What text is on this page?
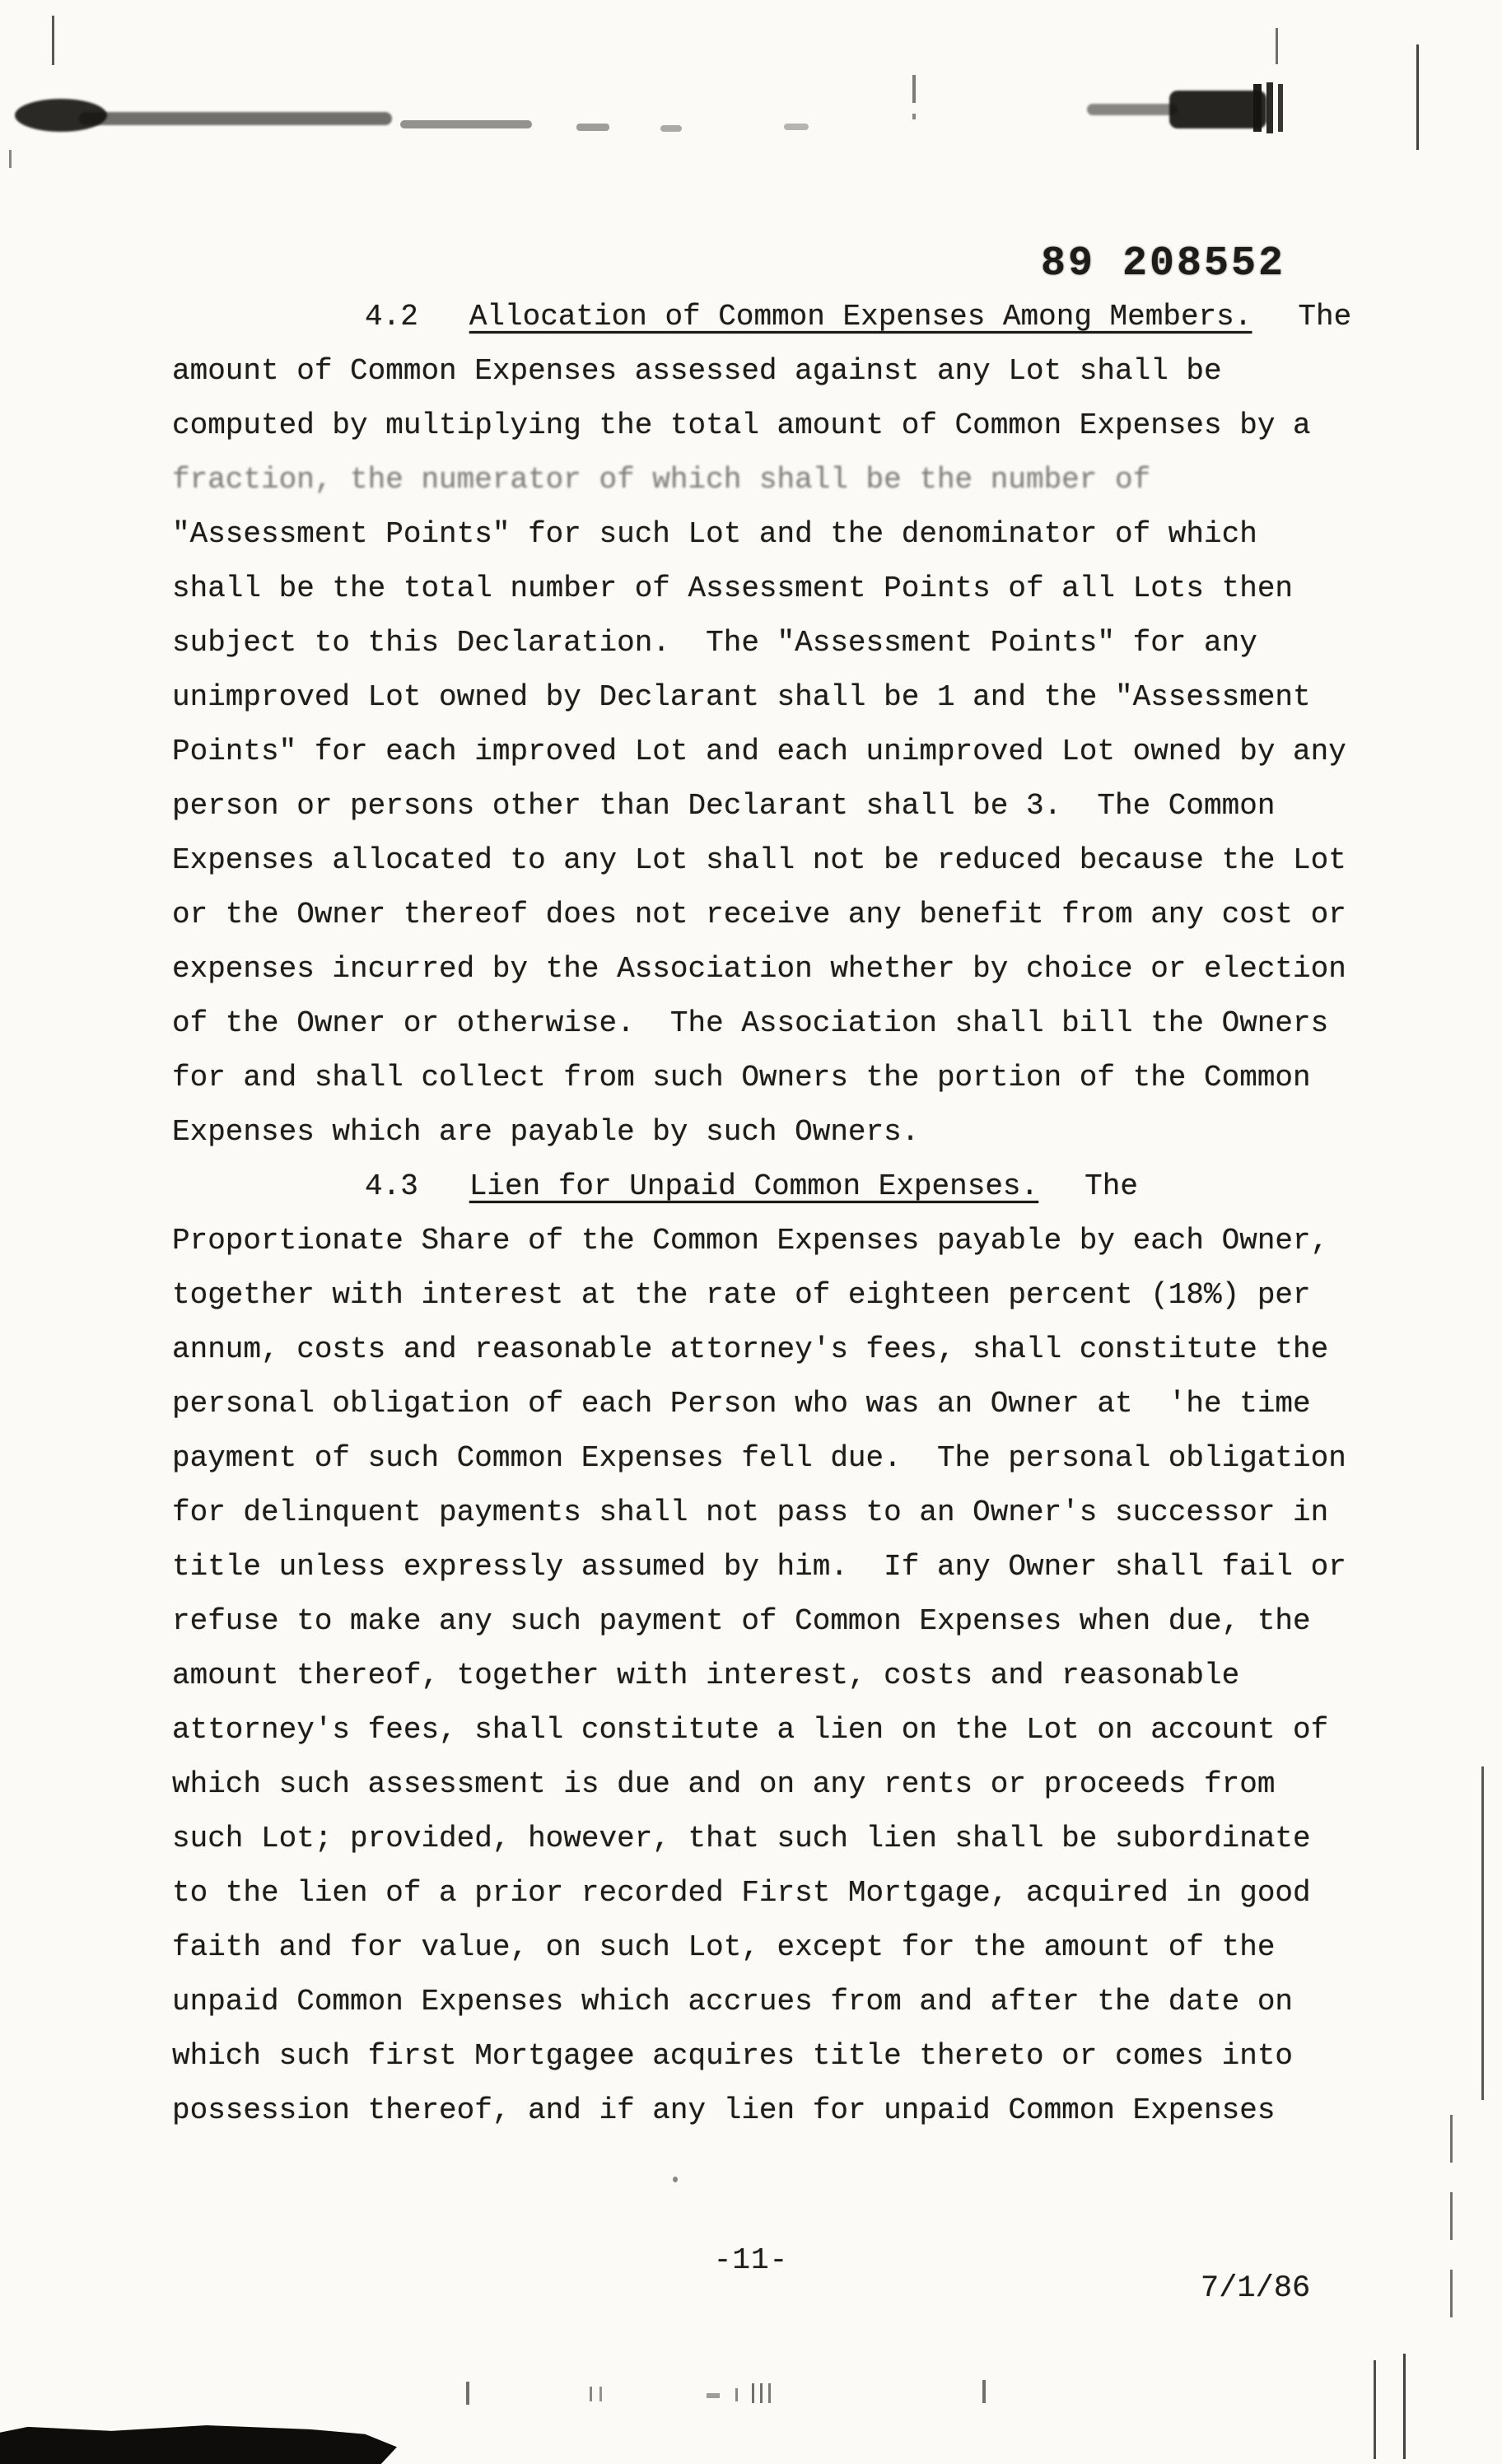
89 208552
4.2 Allocation of Common Expenses Among Members. The
amount of Common Expenses assessed against any Lot shall be
computed by multiplying the total amount of Common Expenses by a
fraction, the numerator of which shall be the number of
"Assessment Points" for such Lot and the denominator of which
shall be the total number of Assessment Points of all Lots then
subject to this Declaration.  The "Assessment Points" for any
unimproved Lot owned by Declarant shall be 1 and the "Assessment
Points" for each improved Lot and each unimproved Lot owned by any
person or persons other than Declarant shall be 3.  The Common
Expenses allocated to any Lot shall not be reduced because the Lot
or the Owner thereof does not receive any benefit from any cost or
expenses incurred by the Association whether by choice or election
of the Owner or otherwise.  The Association shall bill the Owners
for and shall collect from such Owners the portion of the Common
Expenses which are payable by such Owners.
4.3 Lien for Unpaid Common Expenses. The
Proportionate Share of the Common Expenses payable by each Owner,
together with interest at the rate of eighteen percent (18%) per
annum, costs and reasonable attorney's fees, shall constitute the
personal obligation of each Person who was an Owner at  'he time
payment of such Common Expenses fell due.  The personal obligation
for delinquent payments shall not pass to an Owner's successor in
title unless expressly assumed by him.  If any Owner shall fail or
refuse to make any such payment of Common Expenses when due, the
amount thereof, together with interest, costs and reasonable
attorney's fees, shall constitute a lien on the Lot on account of
which such assessment is due and on any rents or proceeds from
such Lot; provided, however, that such lien shall be subordinate
to the lien of a prior recorded First Mortgage, acquired in good
faith and for value, on such Lot, except for the amount of the
unpaid Common Expenses which accrues from and after the date on
which such first Mortgagee acquires title thereto or comes into
possession thereof, and if any lien for unpaid Common Expenses
-11-
7/1/86
